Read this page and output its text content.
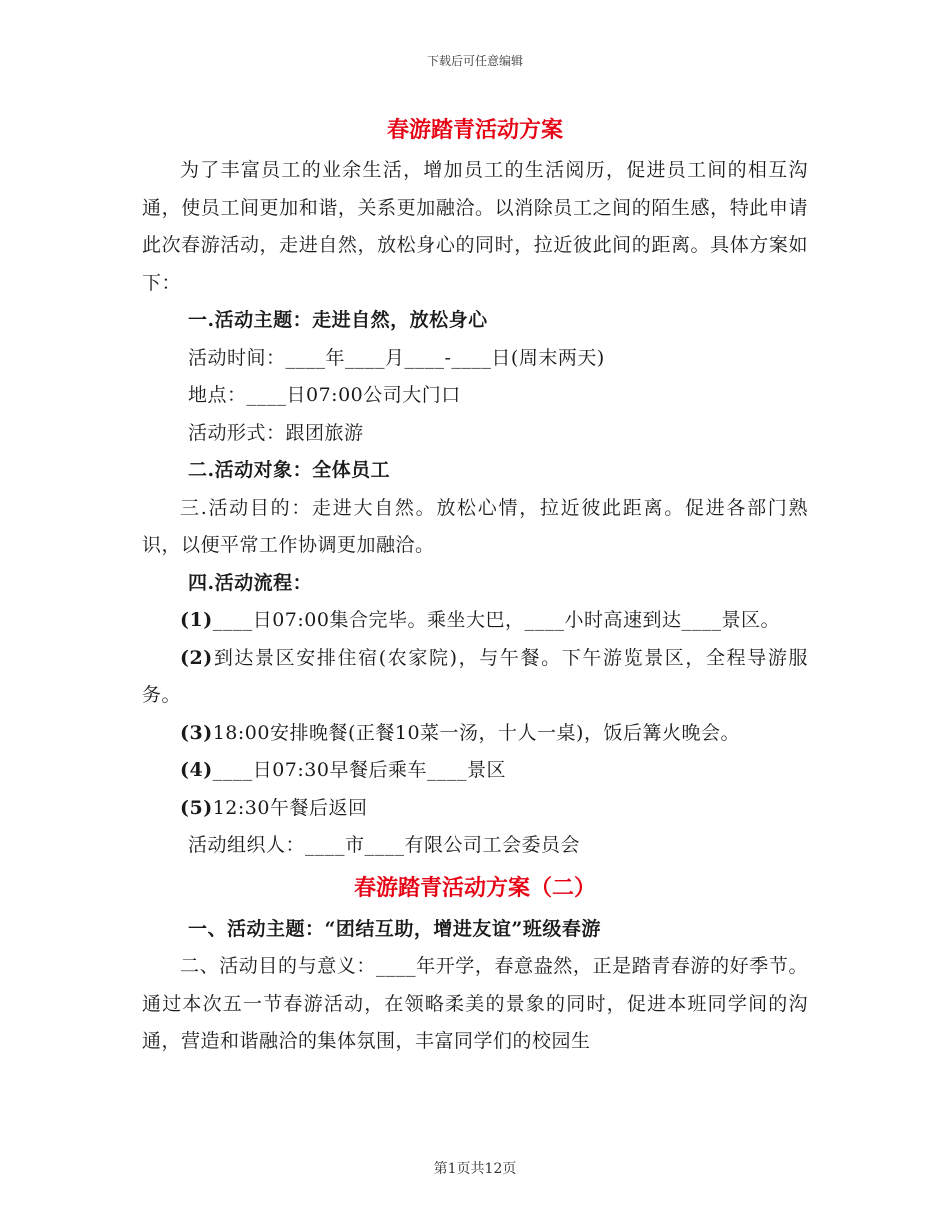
下载后可任意编辑
春游踏青活动方案

为了丰富员工的业余生活，增加员工的生活阅历，促进员工间的相互沟通，使员工间更加和谐，关系更加融洽。以消除员工之间的陌生感，特此申请此次春游活动，走进自然，放松身心的同时，拉近彼此间的距离。具体方案如下：

一.活动主题：走进自然，放松身心

活动时间：____年____月____-____日(周末两天)

地点：____日07:00公司大门口

活动形式：跟团旅游

二.活动对象：全体员工

三.活动目的：走进大自然。放松心情，拉近彼此距离。促进各部门熟识，以便平常工作协调更加融洽。

四.活动流程：

(1)____日07:00集合完毕。乘坐大巴，____小时高速到达____景区。

(2)到达景区安排住宿(农家院)，与午餐。下午游览景区，全程导游服务。

(3)18:00安排晚餐(正餐10菜一汤，十人一桌)，饭后篝火晚会。

(4)____日07:30早餐后乘车____景区

(5)12:30午餐后返回

活动组织人：____市____有限公司工会委员会

春游踏青活动方案（二）

一、活动主题：“团结互助，增进友谊”班级春游

二、活动目的与意义：____年开学，春意盎然，正是踏青春游的好季节。通过本次五一节春游活动，在领略柔美的景象的同时，促进本班同学间的沟通，营造和谐融洽的集体氛围，丰富同学们的校园生

第1页共12页
